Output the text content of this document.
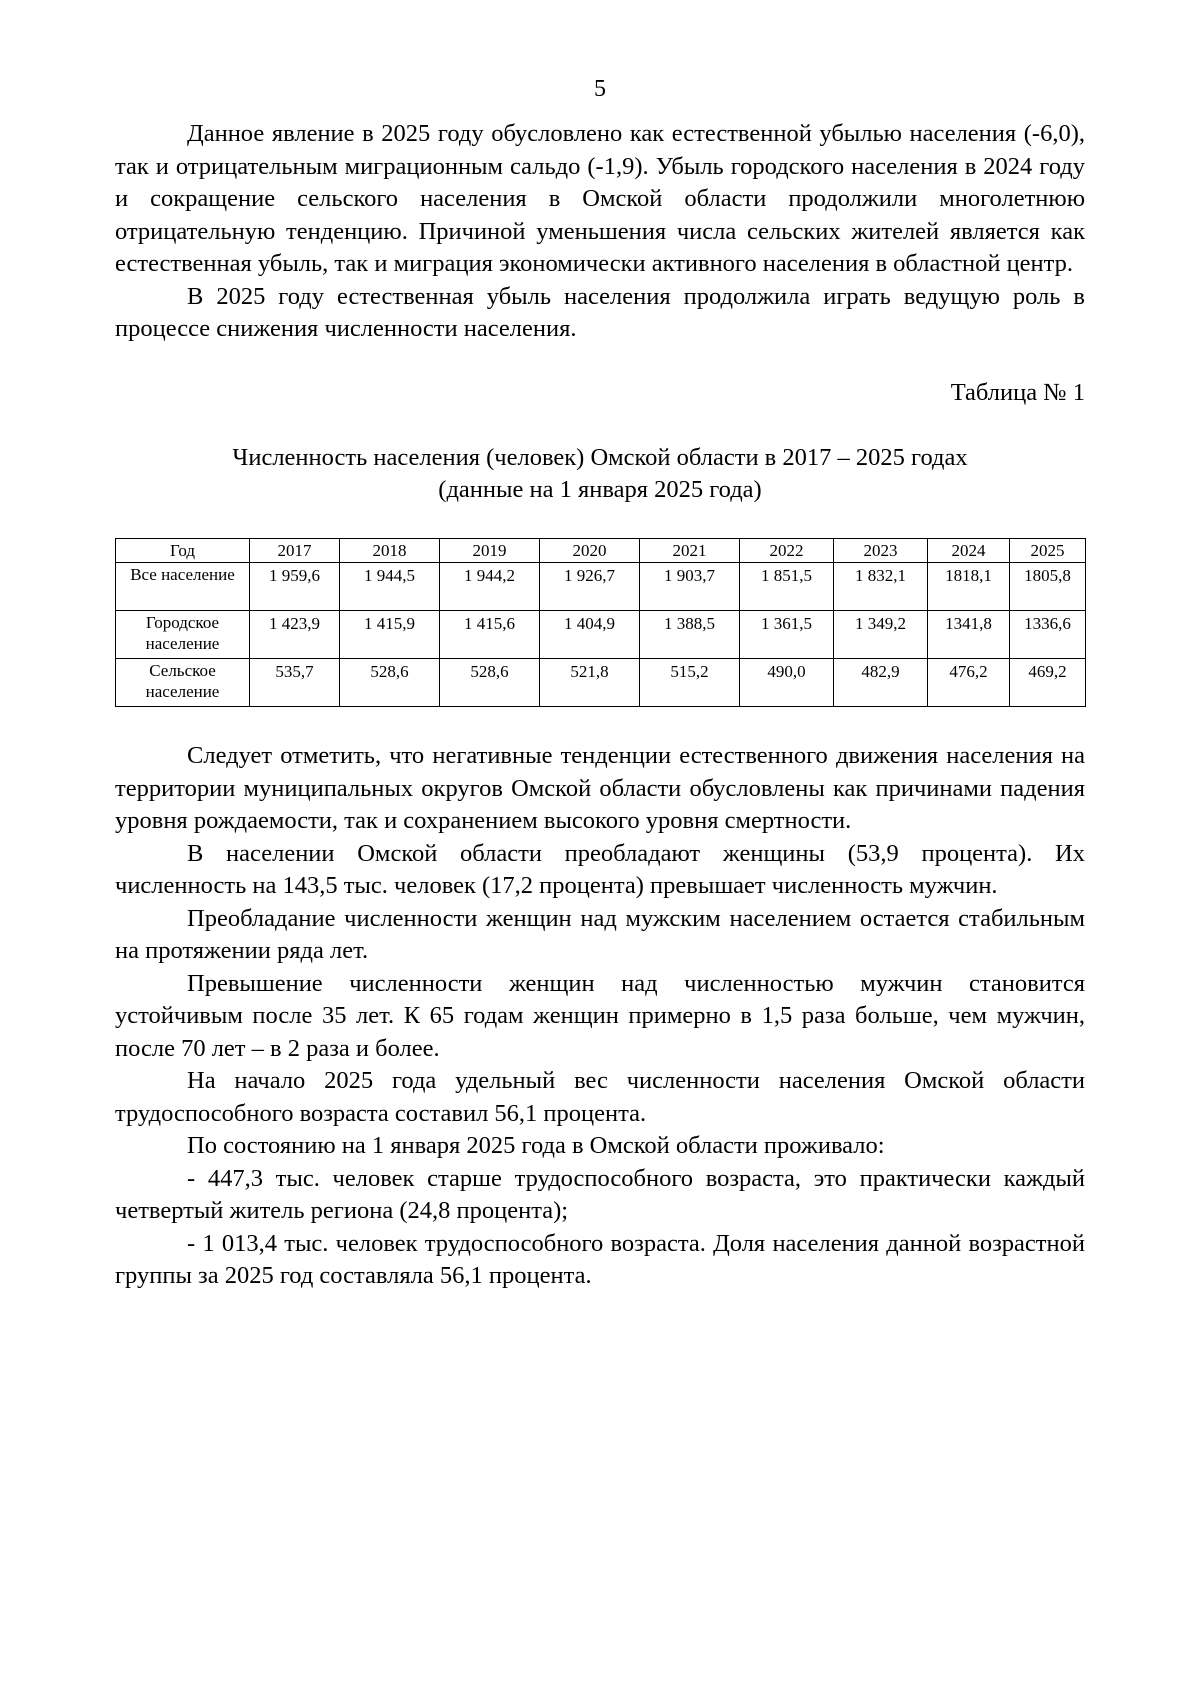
5

Данное явление в 2025 году обусловлено как естественной убылью населения (-6,0), так и отрицательным миграционным сальдо (-1,9). Убыль городского населения в 2024 году и сокращение сельского населения в Омской области продолжили многолетнюю отрицательную тенденцию. Причиной уменьшения числа сельских жителей является как естественная убыль, так и миграция экономически активного населения в областной центр.

В 2025 году естественная убыль населения продолжила играть ведущую роль в процессе снижения численности населения.

Таблица № 1
Численность населения (человек) Омской области в 2017 – 2025 годах
(данные на 1 января 2025 года)
Год	2017	2018	2019	2020	2021	2022	2023	2024	2025
Все население	1 959,6	1 944,5	1 944,2	1 926,7	1 903,7	1 851,5	1 832,1	1818,1	1805,8
Городское население	1 423,9	1 415,9	1 415,6	1 404,9	1 388,5	1 361,5	1 349,2	1341,8	1336,6
Сельское население	535,7	528,6	528,6	521,8	515,2	490,0	482,9	476,2	469,2

Следует отметить, что негативные тенденции естественного движения населения на территории муниципальных округов Омской области обусловлены как причинами падения уровня рождаемости, так и сохранением высокого уровня смертности.

В населении Омской области преобладают женщины (53,9 процента). Их численность на 143,5 тыс. человек (17,2 процента) превышает численность мужчин.

Преобладание численности женщин над мужским населением остается стабильным на протяжении ряда лет.

Превышение численности женщин над численностью мужчин становится устойчивым после 35 лет. К 65 годам женщин примерно в 1,5 раза больше, чем мужчин, после 70 лет – в 2 раза и более.

На начало 2025 года удельный вес численности населения Омской области трудоспособного возраста составил 56,1 процента.

По состоянию на 1 января 2025 года в Омской области проживало:

- 447,3 тыс. человек старше трудоспособного возраста, это практически каждый четвертый житель региона (24,8 процента);

- 1 013,4 тыс. человек трудоспособного возраста. Доля населения данной возрастной группы за 2025 год составляла 56,1 процента.
